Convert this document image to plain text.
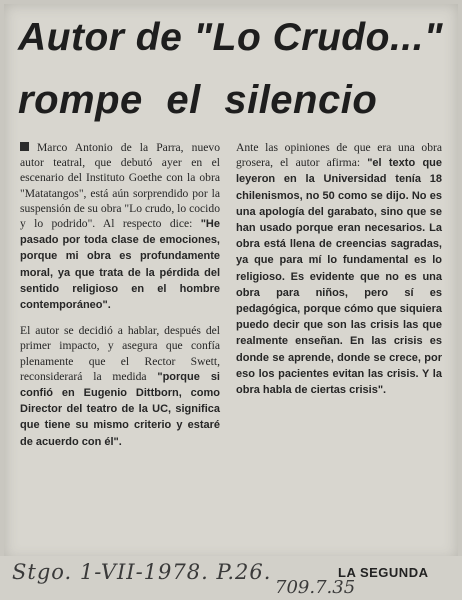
Autor de "Lo Crudo..."
rompe el silencio

Marco Antonio de la Parra, nuevo autor teatral, que debutó ayer en el escenario del Instituto Goethe con la obra "Matatangos", está aún sorprendido por la suspensión de su obra "Lo crudo, lo cocido y lo podrido". Al respecto dice: "He pasado por toda clase de emociones, porque mi obra es profundamente moral, ya que trata de la pérdida del sentido religioso en el hombre contemporáneo".

El autor se decidió a hablar, después del primer impacto, y asegura que confía plenamente que el Rector Swett, reconsiderará la medida "porque si confió en Eugenio Dittborn, como Director del teatro de la UC, significa que tiene su mismo criterio y estaré de acuerdo con él".

Ante las opiniones de que era una obra grosera, el autor afirma: "el texto que leyeron en la Universidad tenía 18 chilenismos, no 50 como se dijo. No es una apología del garabato, sino que se han usado porque eran necesarios. La obra está llena de creencias sagradas, ya que para mí lo fundamental es lo religioso. Es evidente que no es una obra para niños, pero sí es pedagógica, porque cómo que siquiera puedo decir que son las crisis las que realmente enseñan. En las crisis es donde se aprende, donde se crece, por eso los pacientes evitan las crisis. Y la obra habla de ciertas crisis".

Stgo. 1-VII-1978. P.26.
709.7.35
LA SEGUNDA
